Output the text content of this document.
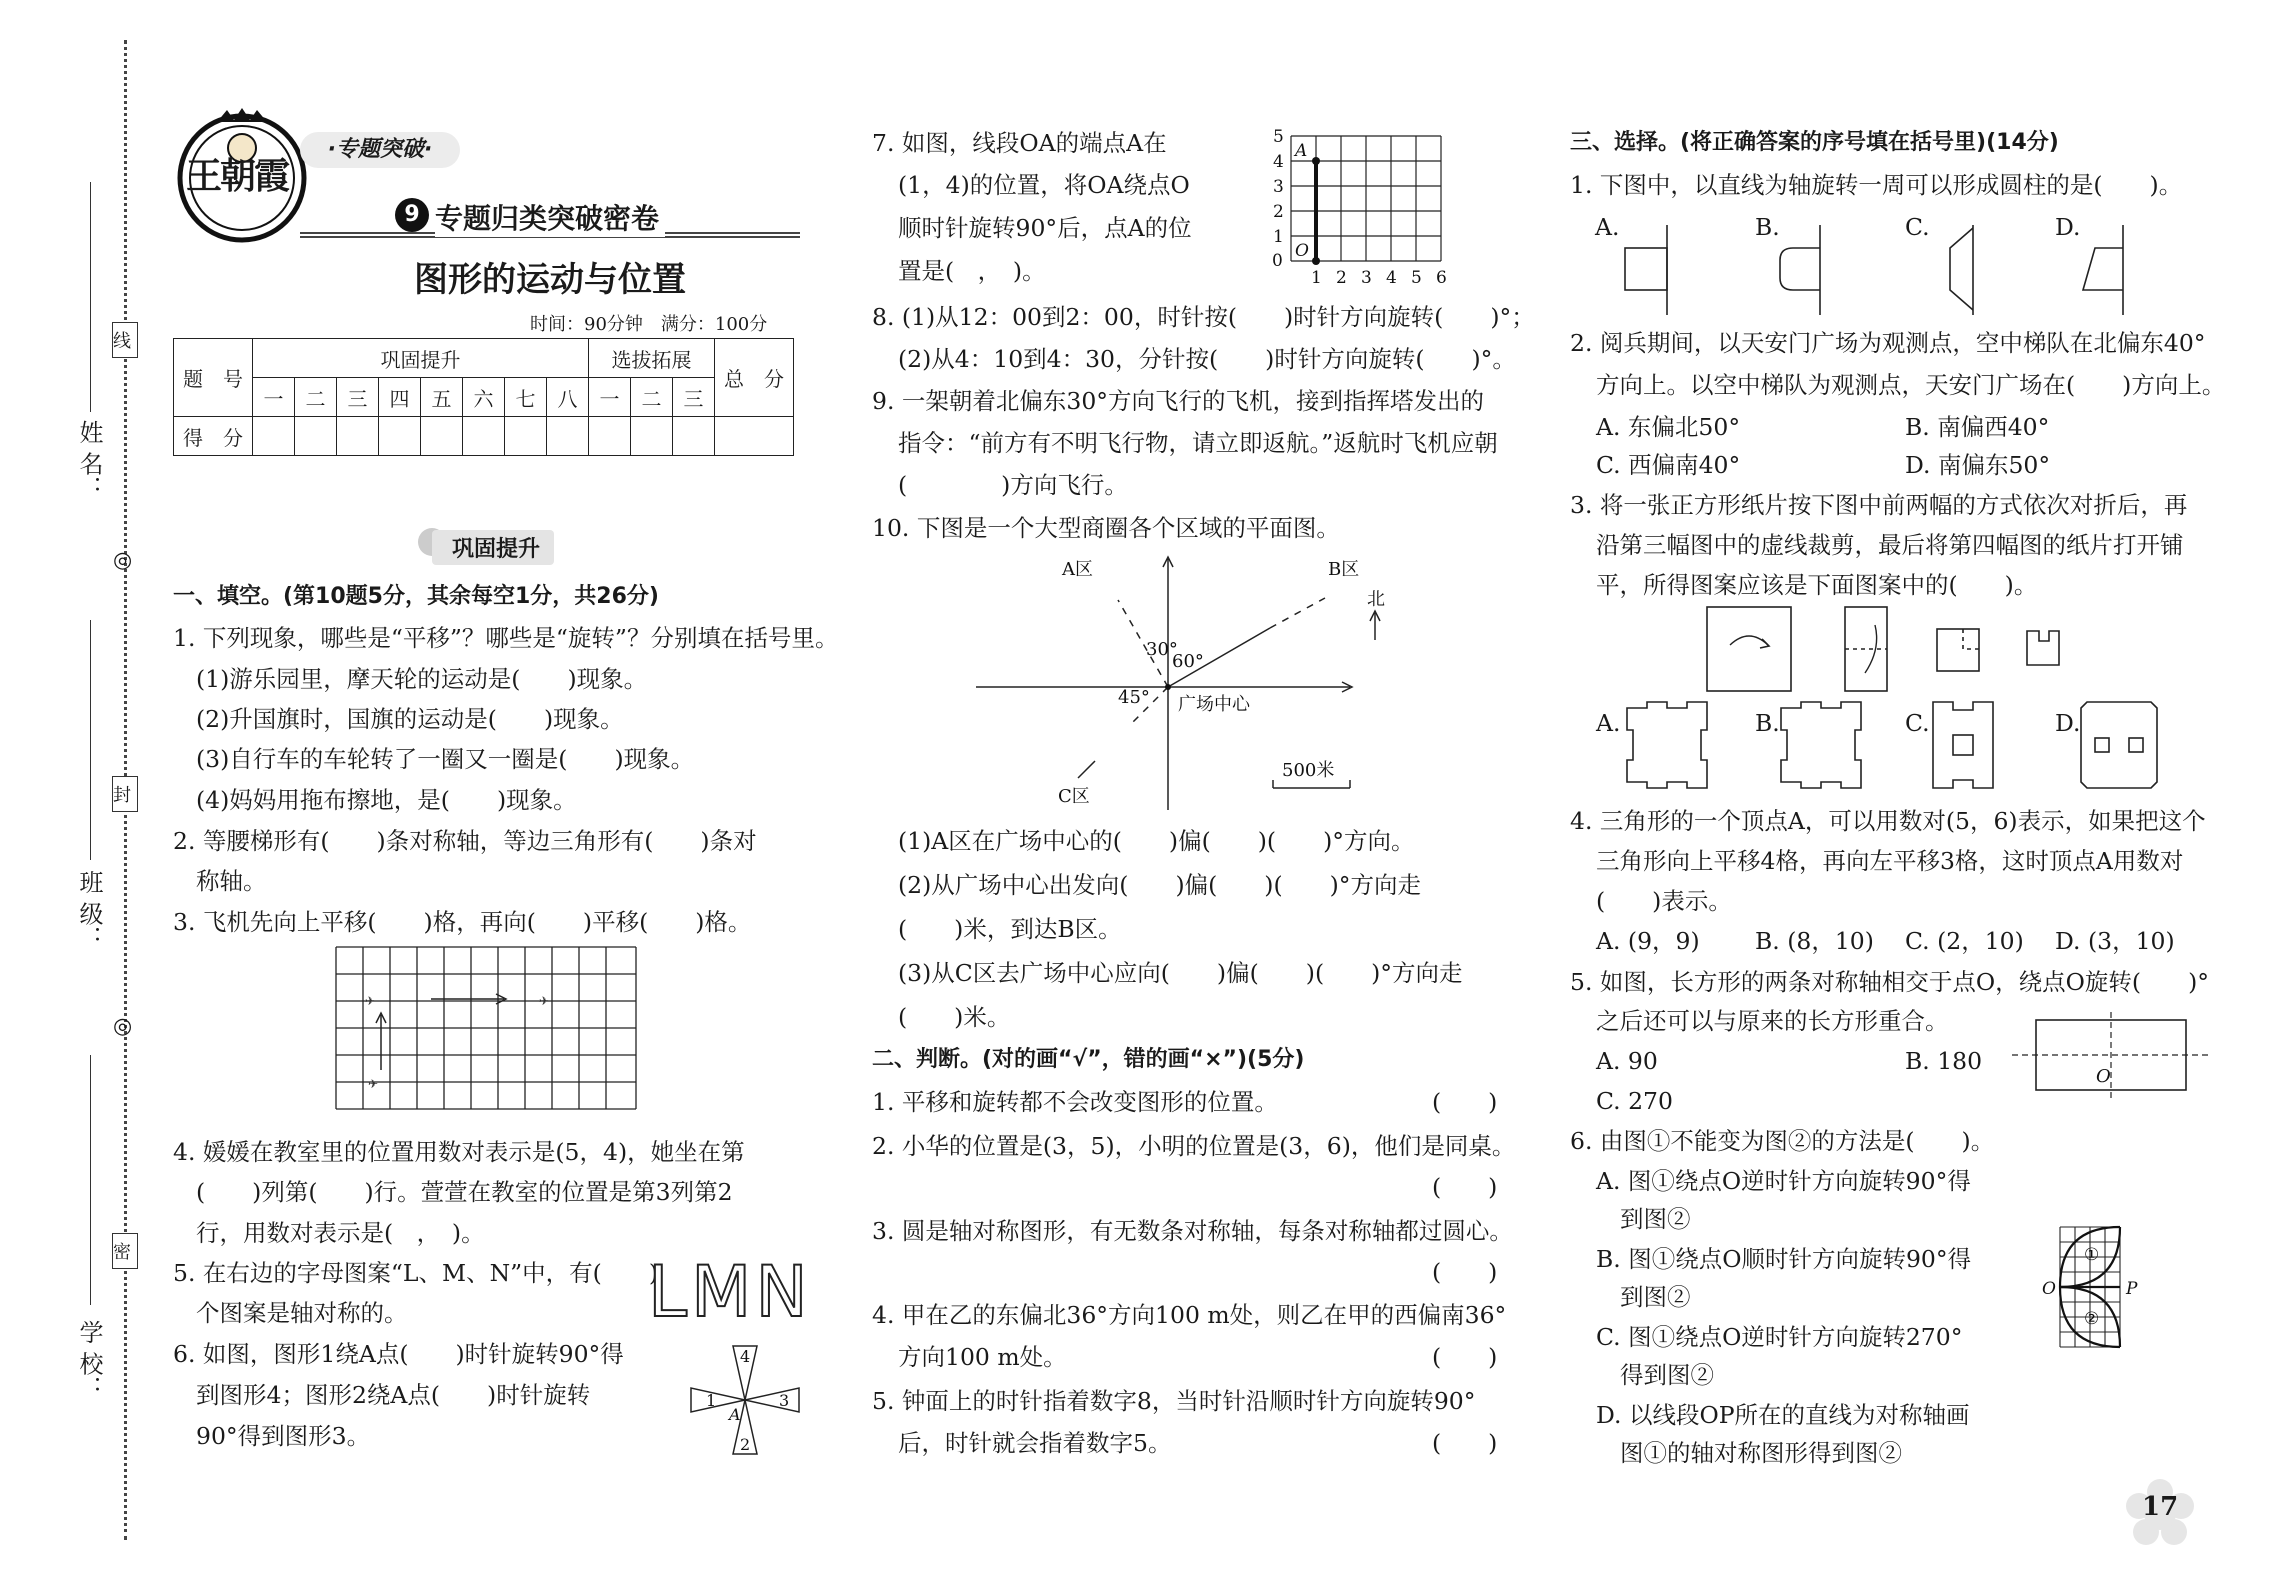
线
封
密
◎
◎
姓 名：
班 级：
学 校：
王朝霞
·专题突破·
9 专题归类突破密卷
图形的运动与位置
时间：90分钟　满分：100分
题　号	巩固提升								选拔拓展			总　分
	一	二	三	四	五	六	七	八	一	二	三	
得　分												
巩固提升
一、填空。(第10题5分，其余每空1分，共26分)
1. 下列现象，哪些是“平移”？哪些是“旋转”？分别填在括号里。
(1)游乐园里，摩天轮的运动是(　　)现象。
(2)升国旗时，国旗的运动是(　　)现象。
(3)自行车的车轮转了一圈又一圈是(　　)现象。
(4)妈妈用拖布擦地，是(　　)现象。
2. 等腰梯形有(　　)条对称轴，等边三角形有(　　)条对
称轴。
3. 飞机先向上平移(　　)格，再向(　　)平移(　　)格。
✈	✈
✈
4. 媛媛在教室里的位置用数对表示是(5，4)，她坐在第
(　　)列第(　　)行。萱萱在教室的位置是第3列第2
行，用数对表示是(　，　)。
5. 在右边的字母图案“L、M、N”中，有(　　)
个图案是轴对称的。
6. 如图，图形1绕A点(　　)时针旋转90°得
到图形4；图形2绕A点(　　)时针旋转
90°得到图形3。
LMN
1
2
3
4
A
7. 如图，线段OA的端点A在
(1，4)的位置，将OA绕点O
顺时针旋转90°后，点A的位
置是(　，　)。	0
1 2 3 4 5 6
1
2
3
4
5
A
O
8. (1)从12：00到2：00，时针按(　　)时针方向旋转(　　)°；
(2)从4：10到4：30，分针按(　　)时针方向旋转(　　)°。
9. 一架朝着北偏东30°方向飞行的飞机，接到指挥塔发出的
指令：“前方有不明飞行物，请立即返航。”返航时飞机应朝
(　　　　)方向飞行。
10. 下图是一个大型商圈各个区域的平面图。
A区	B区
C区
北
广场中心
30°
60°
45°
500米
(1)A区在广场中心的(　　)偏(　　)(　　)°方向。
(2)从广场中心出发向(　　)偏(　　)(　　)°方向走
(　　)米，到达B区。
(3)从C区去广场中心应向(　　)偏(　　)(　　)°方向走
(　　)米。
二、判断。(对的画“√”，错的画“×”)(5分)
1. 平移和旋转都不会改变图形的位置。	(　　)
2. 小华的位置是(3，5)，小明的位置是(3，6)，他们是同桌。
(　　)
3. 圆是轴对称图形，有无数条对称轴，每条对称轴都过圆心。
(　　)
4. 甲在乙的东偏北36°方向100 m处，则乙在甲的西偏南36°
方向100 m处。	(　　)
5. 钟面上的时针指着数字8，当时针沿顺时针方向旋转90°
后，时针就会指着数字5。	(　　)
三、选择。(将正确答案的序号填在括号里)(14分)
1. 下图中，以直线为轴旋转一周可以形成圆柱的是(　　)。
A.	B.	C.	D.
2. 阅兵期间，以天安门广场为观测点，空中梯队在北偏东40°
方向上。以空中梯队为观测点，天安门广场在(　　)方向上。
A. 东偏北50°	B. 南偏西40°
C. 西偏南40°	D. 南偏东50°
3. 将一张正方形纸片按下图中前两幅的方式依次对折后，再
沿第三幅图中的虚线裁剪，最后将第四幅图的纸片打开铺
平，所得图案应该是下面图案中的(　　)。
A.	B.	C.	D.
4. 三角形的一个顶点A，可以用数对(5，6)表示，如果把这个
三角形向上平移4格，再向左平移3格，这时顶点A用数对
(　　)表示。
A. (9，9) B. (8，10) C. (2，10) D. (3，10)
5. 如图，长方形的两条对称轴相交于点O，绕点O旋转(　　)°
之后还可以与原来的长方形重合。
A. 90	B. 180
C. 270
O
6. 由图①不能变为图②的方法是(　　)。
A. 图①绕点O逆时针方向旋转90°得
到图②
B. 图①绕点O顺时针方向旋转90°得
到图②
C. 图①绕点O逆时针方向旋转270°
得到图②
D. 以线段OP所在的直线为对称轴画
图①的轴对称图形得到图②
①
②
O	P
17
